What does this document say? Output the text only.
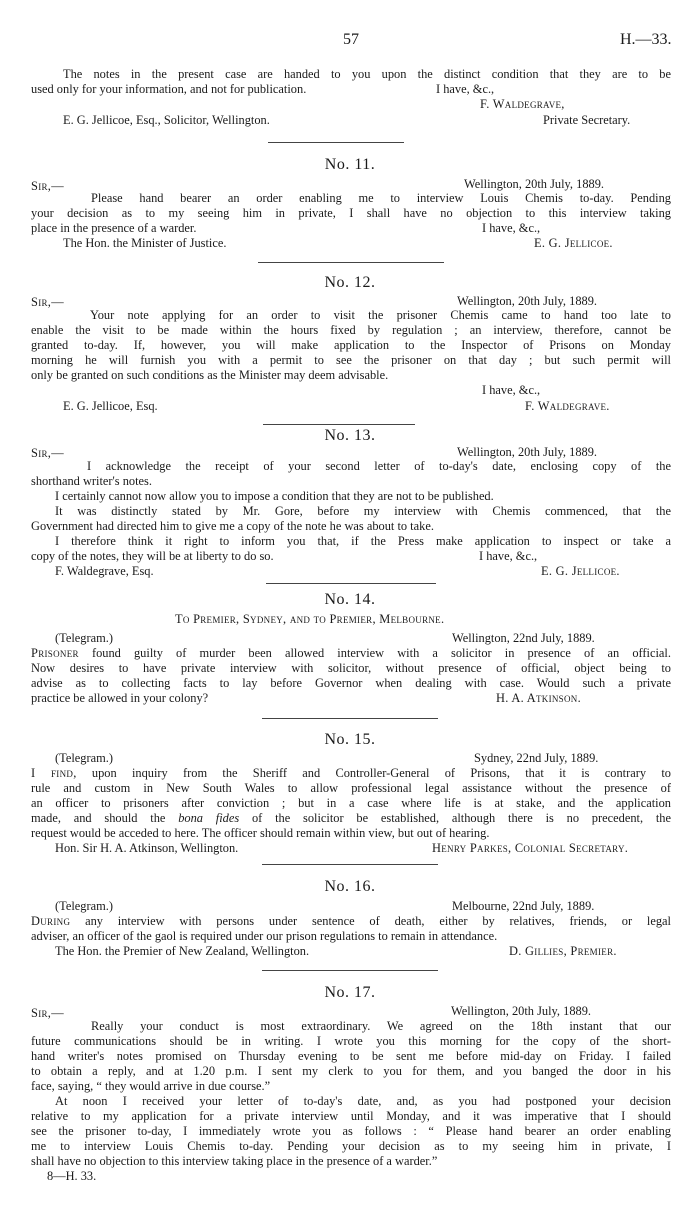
57	H.—33.
The notes in the present case are handed to you upon the distinct condition that they are to be
used only for your information, and not for publication.	I have, &c.,
F. Waldegrave,
E. G. Jellicoe, Esq., Solicitor, Wellington.	Private Secretary.
No. 11.
Sir,—	Wellington, 20th July, 1889.
Please hand bearer an order enabling me to interview Louis Chemis to-day. Pending
your decision as to my seeing him in private, I shall have no objection to this interview taking
place in the presence of a warder.	I have, &c.,
The Hon. the Minister of Justice.	E. G. Jellicoe.
No. 12.
Sir,—	Wellington, 20th July, 1889.
Your note applying for an order to visit the prisoner Chemis came to hand too late to
enable the visit to be made within the hours fixed by regulation ; an interview, therefore, cannot be
granted to-day. If, however, you will make application to the Inspector of Prisons on Monday
morning he will furnish you with a permit to see the prisoner on that day ; but such permit will
only be granted on such conditions as the Minister may deem advisable.
I have, &c.,
E. G. Jellicoe, Esq.	F. Waldegrave.
No. 13.
Sir,—	Wellington, 20th July, 1889.
I acknowledge the receipt of your second letter of to-day's date, enclosing copy of the
shorthand writer's notes.
I certainly cannot now allow you to impose a condition that they are not to be published.
It was distinctly stated by Mr. Gore, before my interview with Chemis commenced, that the
Government had directed him to give me a copy of the note he was about to take.
I therefore think it right to inform you that, if the Press make application to inspect or take a
copy of the notes, they will be at liberty to do so.	I have, &c.,
F. Waldegrave, Esq.	E. G. Jellicoe.
No. 14.
To Premier, Sydney, and to Premier, Melbourne.
(Telegram.)	Wellington, 22nd July, 1889.
Prisoner found guilty of murder been allowed interview with a solicitor in presence of an official.
Now desires to have private interview with solicitor, without presence of official, object being to
advise as to collecting facts to lay before Governor when dealing with case. Would such a private
practice be allowed in your colony?	H. A. Atkinson.
No. 15.
(Telegram.)	Sydney, 22nd July, 1889.
I find, upon inquiry from the Sheriff and Controller-General of Prisons, that it is contrary to
rule and custom in New South Wales to allow professional legal assistance without the presence of
an officer to prisoners after conviction ; but in a case where life is at stake, and the application
made, and should the bona fides of the solicitor be established, although there is no precedent, the
request would be acceded to here. The officer should remain within view, but out of hearing.
Hon. Sir H. A. Atkinson, Wellington.	Henry Parkes, Colonial Secretary.
No. 16.
(Telegram.)	Melbourne, 22nd July, 1889.
During any interview with persons under sentence of death, either by relatives, friends, or legal
adviser, an officer of the gaol is required under our prison regulations to remain in attendance.
The Hon. the Premier of New Zealand, Wellington.	D. Gillies, Premier.
No. 17.
Sir,—	Wellington, 20th July, 1889.
Really your conduct is most extraordinary. We agreed on the 18th instant that our
future communications should be in writing. I wrote you this morning for the copy of the short-
hand writer's notes promised on Thursday evening to be sent me before mid-day on Friday. I failed
to obtain a reply, and at 1.20 p.m. I sent my clerk to you for them, and you banged the door in his
face, saying, “ they would arrive in due course.”
At noon I received your letter of to-day's date, and, as you had postponed your decision
relative to my application for a private interview until Monday, and it was imperative that I should
see the prisoner to-day, I immediately wrote you as follows : “ Please hand bearer an order enabling
me to interview Louis Chemis to-day. Pending your decision as to my seeing him in private, I
shall have no objection to this interview taking place in the presence of a warder.”
8—H. 33.
